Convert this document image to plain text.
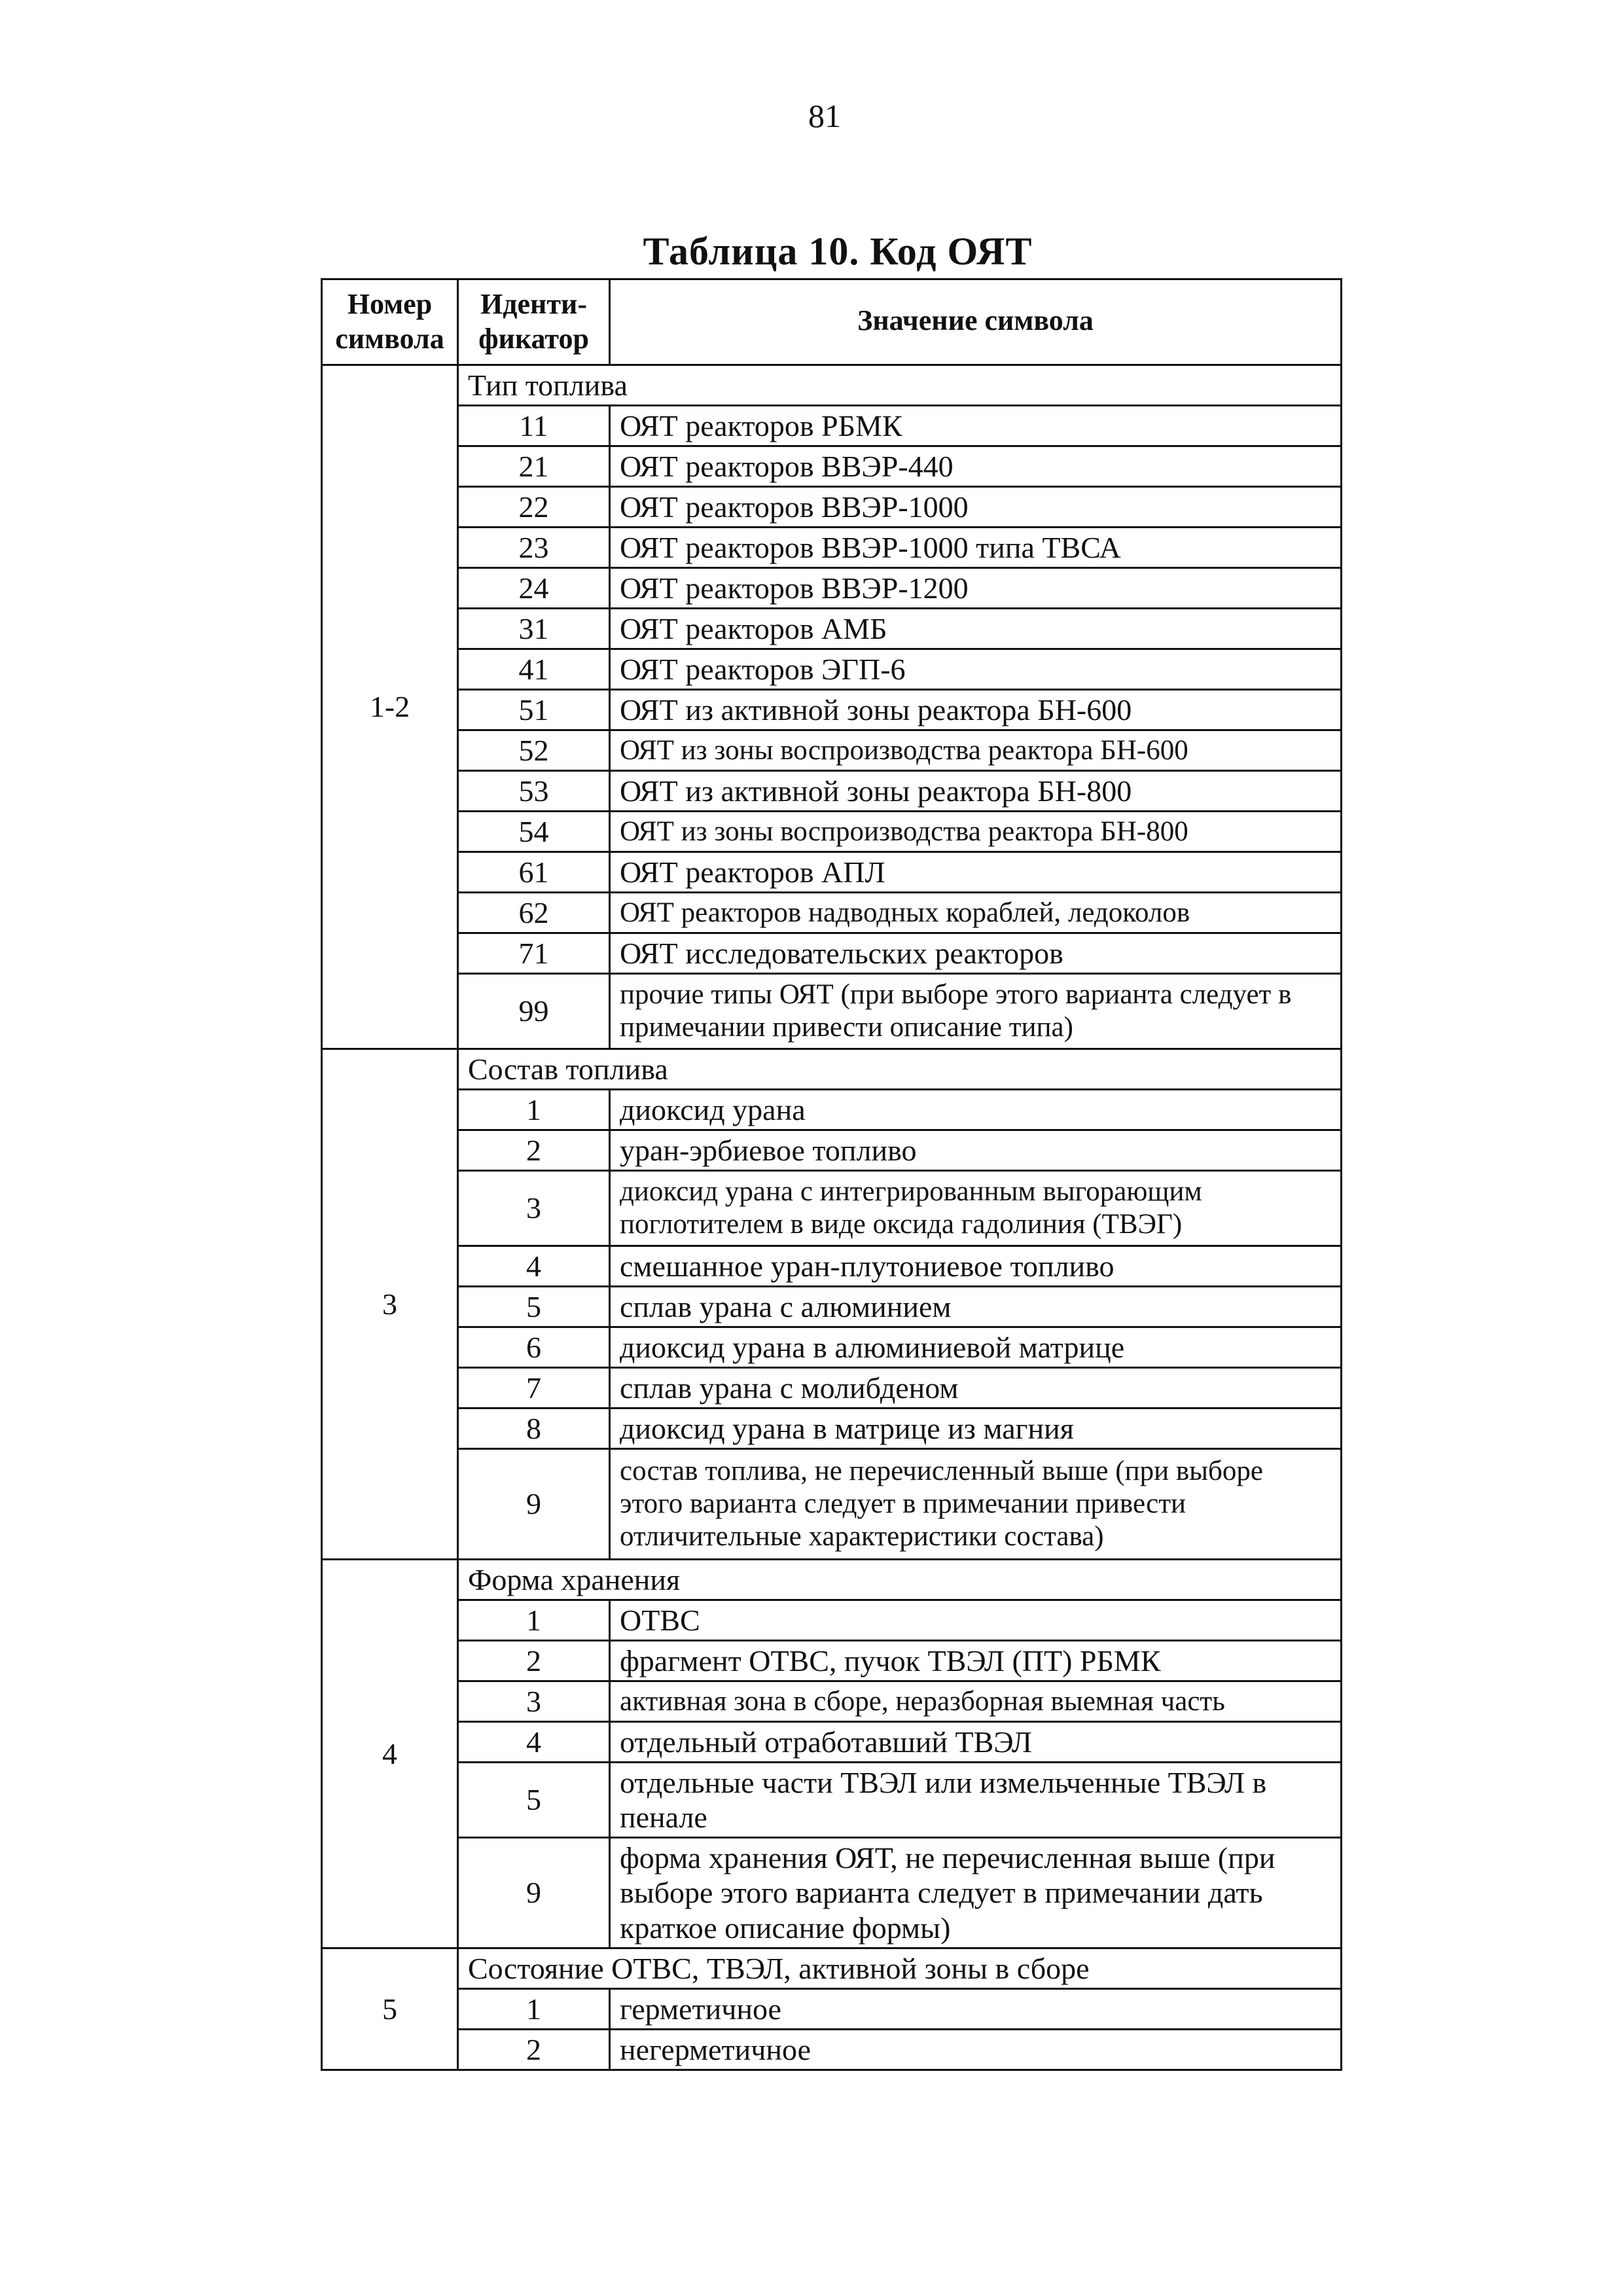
81
Таблица 10. Код ОЯТ
Номер символа	Иденти-фикатор	Значение символа
1-2	Тип топлива	
	11	ОЯТ реакторов РБМК
	21	ОЯТ реакторов ВВЭР-440
	22	ОЯТ реакторов ВВЭР-1000
	23	ОЯТ реакторов ВВЭР-1000 типа ТВСА
	24	ОЯТ реакторов ВВЭР-1200
	31	ОЯТ реакторов АМБ
	41	ОЯТ реакторов ЭГП-6
	51	ОЯТ из активной зоны реактора БН-600
	52	ОЯТ из зоны воспроизводства реактора БН-600
	53	ОЯТ из активной зоны реактора БН-800
	54	ОЯТ из зоны воспроизводства реактора БН-800
	61	ОЯТ реакторов АПЛ
	62	ОЯТ реакторов надводных кораблей, ледоколов
	71	ОЯТ исследовательских реакторов
	99	прочие типы ОЯТ (при выборе этого варианта следует в примечании привести описание типа)
3	Состав топлива	
	1	диоксид урана
	2	уран-эрбиевое топливо
	3	диоксид урана с интегрированным выгорающим поглотителем в виде оксида гадолиния (ТВЭГ)
	4	смешанное уран-плутониевое топливо
	5	сплав урана с алюминием
	6	диоксид урана в алюминиевой матрице
	7	сплав урана с молибденом
	8	диоксид урана в матрице из магния
	9	состав топлива, не перечисленный выше (при выборе этого варианта следует в примечании привести отличительные характеристики состава)
4	Форма хранения	
	1	ОТВС
	2	фрагмент ОТВС, пучок ТВЭЛ (ПТ) РБМК
	3	активная зона в сборе, неразборная выемная часть
	4	отдельный отработавший ТВЭЛ
	5	отдельные части ТВЭЛ или измельченные ТВЭЛ в пенале
	9	форма хранения ОЯТ, не перечисленная выше (при выборе этого варианта следует в примечании дать краткое описание формы)
5	Состояние ОТВС, ТВЭЛ, активной зоны в сборе	
	1	герметичное
	2	негерметичное
